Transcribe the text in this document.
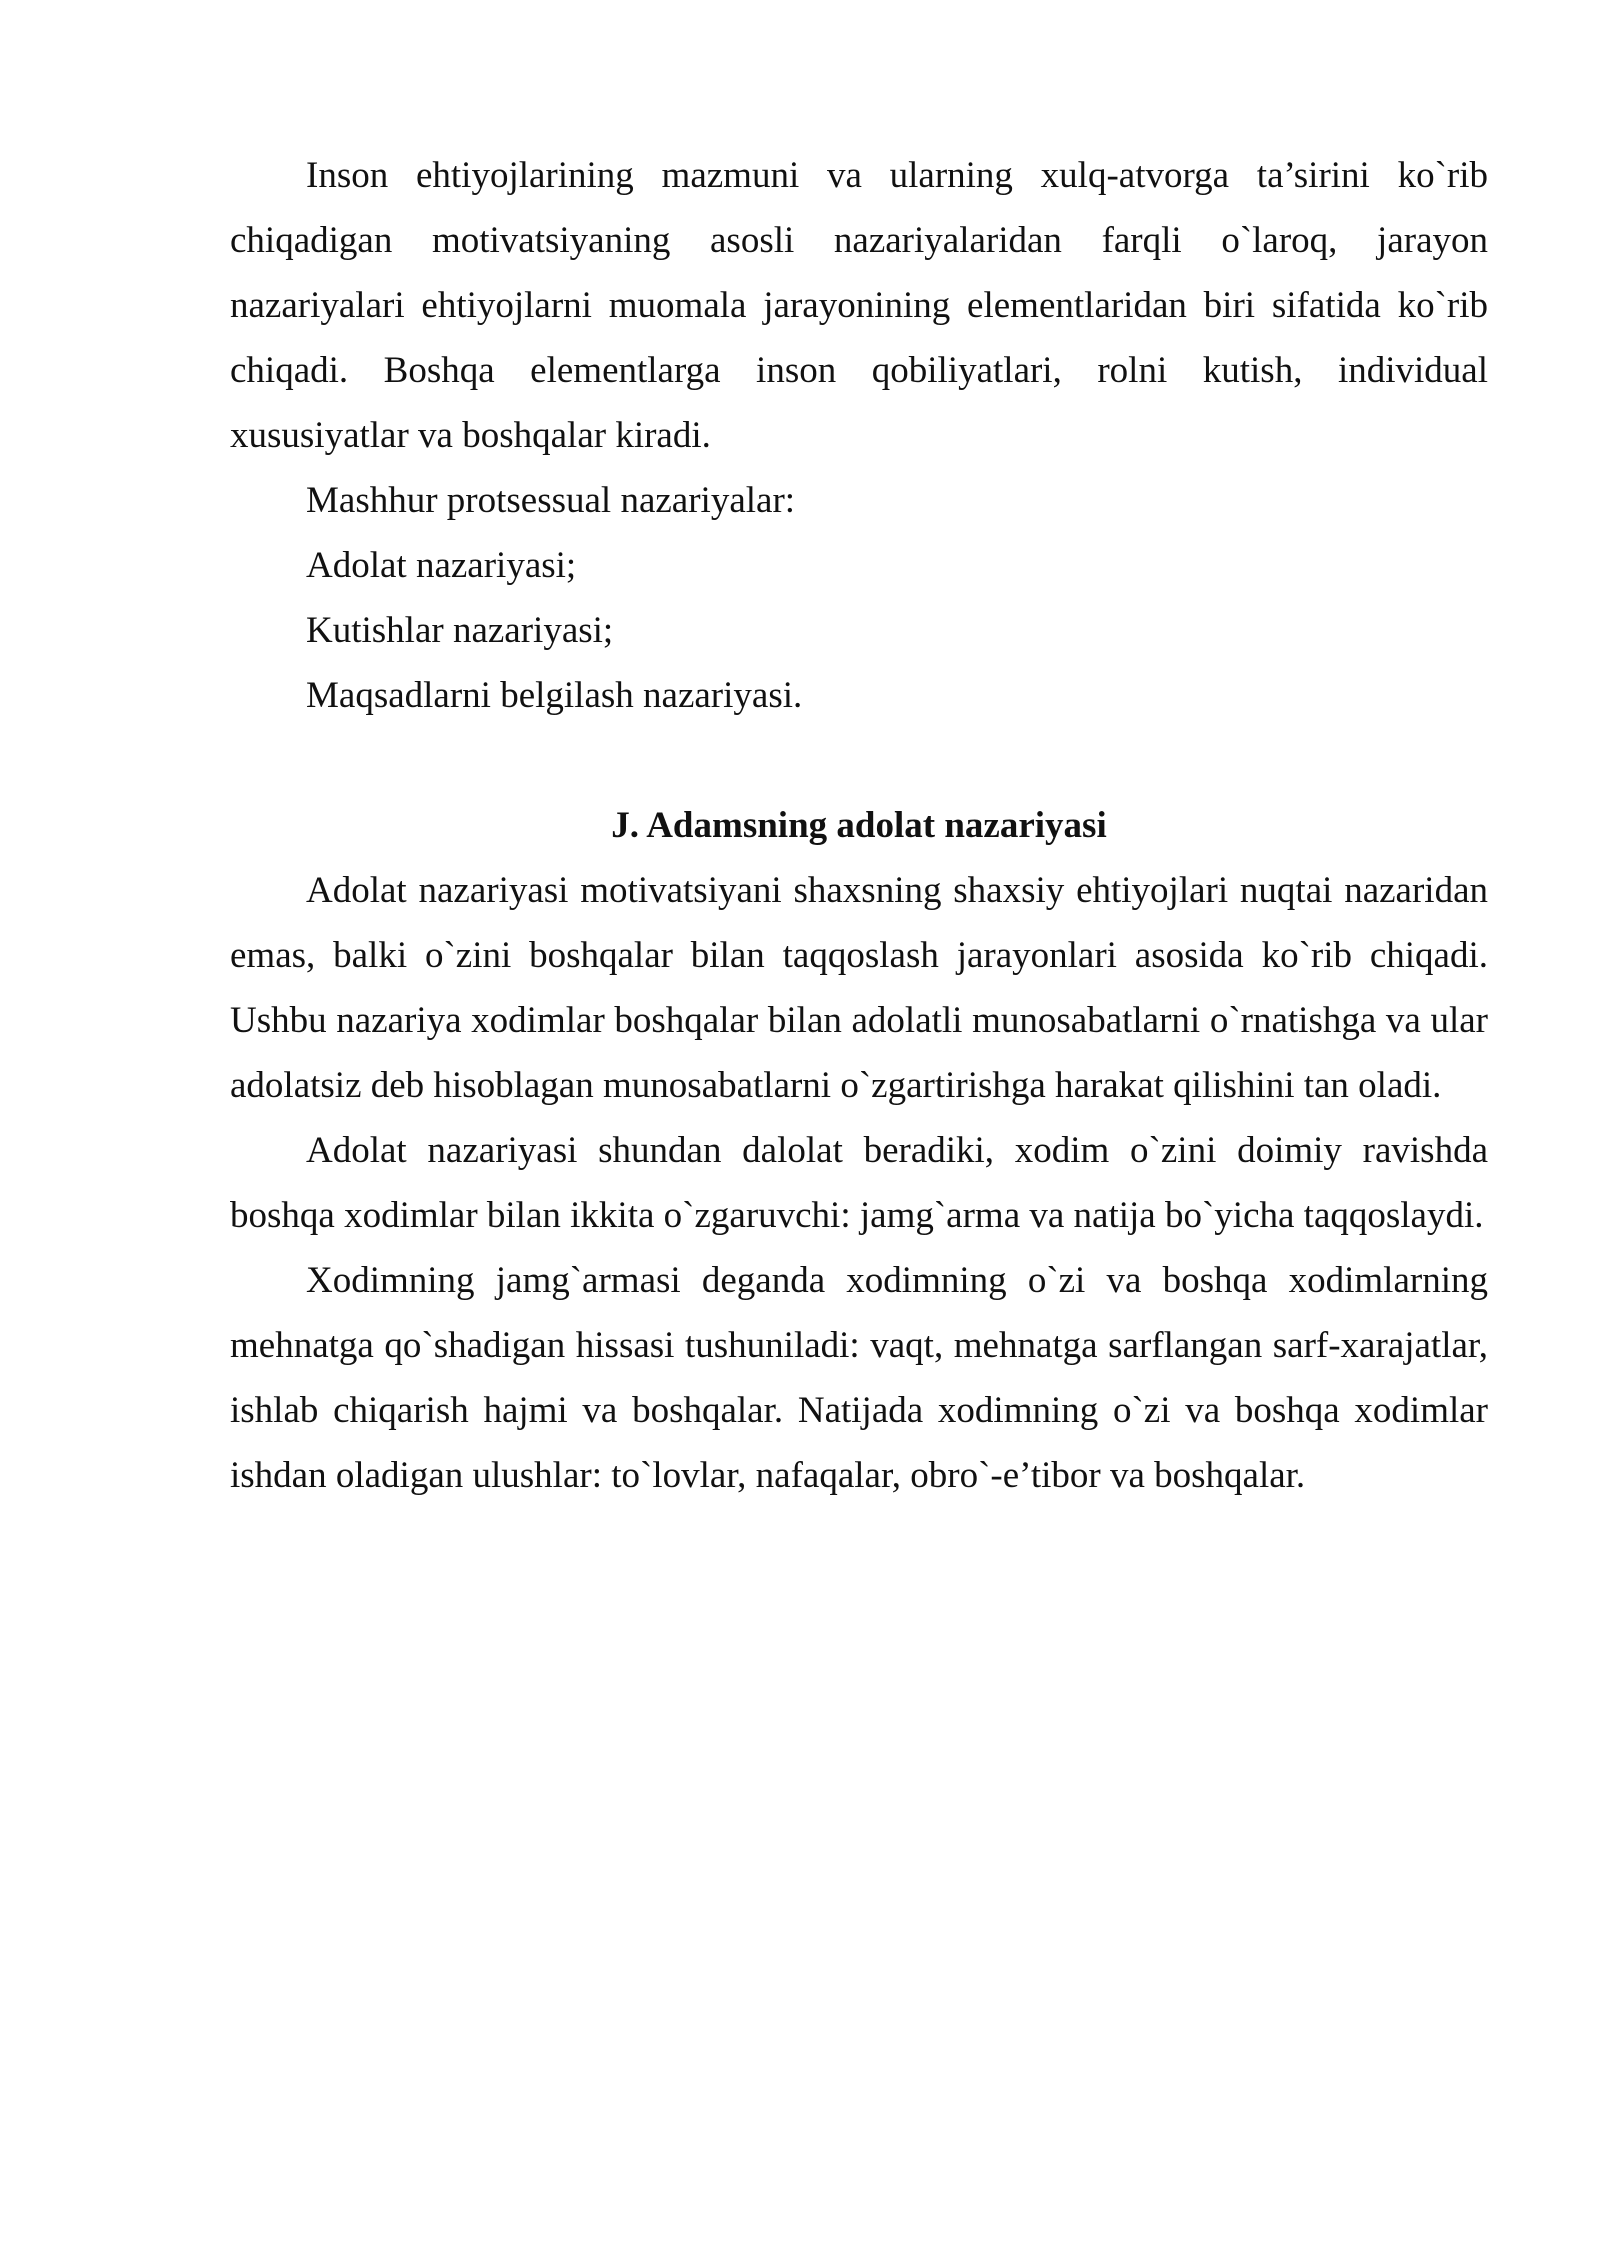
Inson ehtiyojlarining mazmuni va ularning xulq-atvorga ta’sirini ko`rib chiqadigan motivatsiyaning asosli nazariyalaridan farqli o`laroq, jarayon nazariyalari ehtiyojlarni muomala jarayonining elementlaridan biri sifatida ko`rib chiqadi. Boshqa elementlarga inson qobiliyatlari, rolni kutish, individual xususiyatlar va boshqalar kiradi.

Mashhur protsessual nazariyalar:

Adolat nazariyasi;

Kutishlar nazariyasi;

Maqsadlarni belgilash nazariyasi.

J. Adamsning adolat nazariyasi

Adolat nazariyasi motivatsiyani shaxsning shaxsiy ehtiyojlari nuqtai nazaridan emas, balki o`zini boshqalar bilan taqqoslash jarayonlari asosida ko`rib chiqadi. Ushbu nazariya xodimlar boshqalar bilan adolatli munosabatlarni o`rnatishga va ular adolatsiz deb hisoblagan munosabatlarni o`zgartirishga harakat qilishini tan oladi.

Adolat nazariyasi shundan dalolat beradiki, xodim o`zini doimiy ravishda boshqa xodimlar bilan ikkita o`zgaruvchi: jamg`arma va natija bo`yicha taqqoslaydi.

Xodimning jamg`armasi deganda xodimning o`zi va boshqa xodimlarning mehnatga qo`shadigan hissasi tushuniladi: vaqt, mehnatga sarflangan sarf-xarajatlar, ishlab chiqarish hajmi va boshqalar. Natijada xodimning o`zi va boshqa xodimlar ishdan oladigan ulushlar: to`lovlar, nafaqalar, obro`-e’tibor va boshqalar.
